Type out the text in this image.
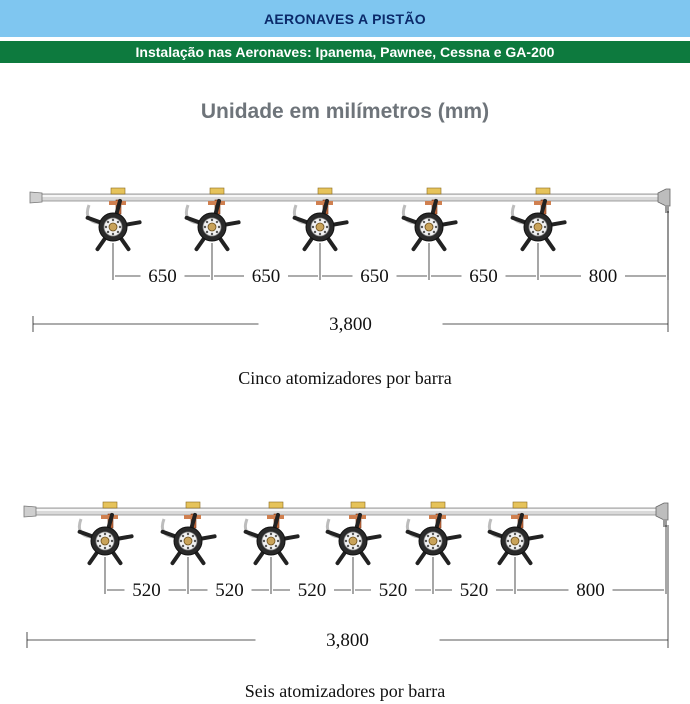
AERONAVES A PISTÃO
Instalação nas Aeronaves: Ipanema, Pawnee, Cessna e GA-200
Unidade em milímetros (mm)
650	650	650	650	800
3,800
Cinco atomizadores por barra
520	520	520	520	520	800
3,800
Seis atomizadores por barra
